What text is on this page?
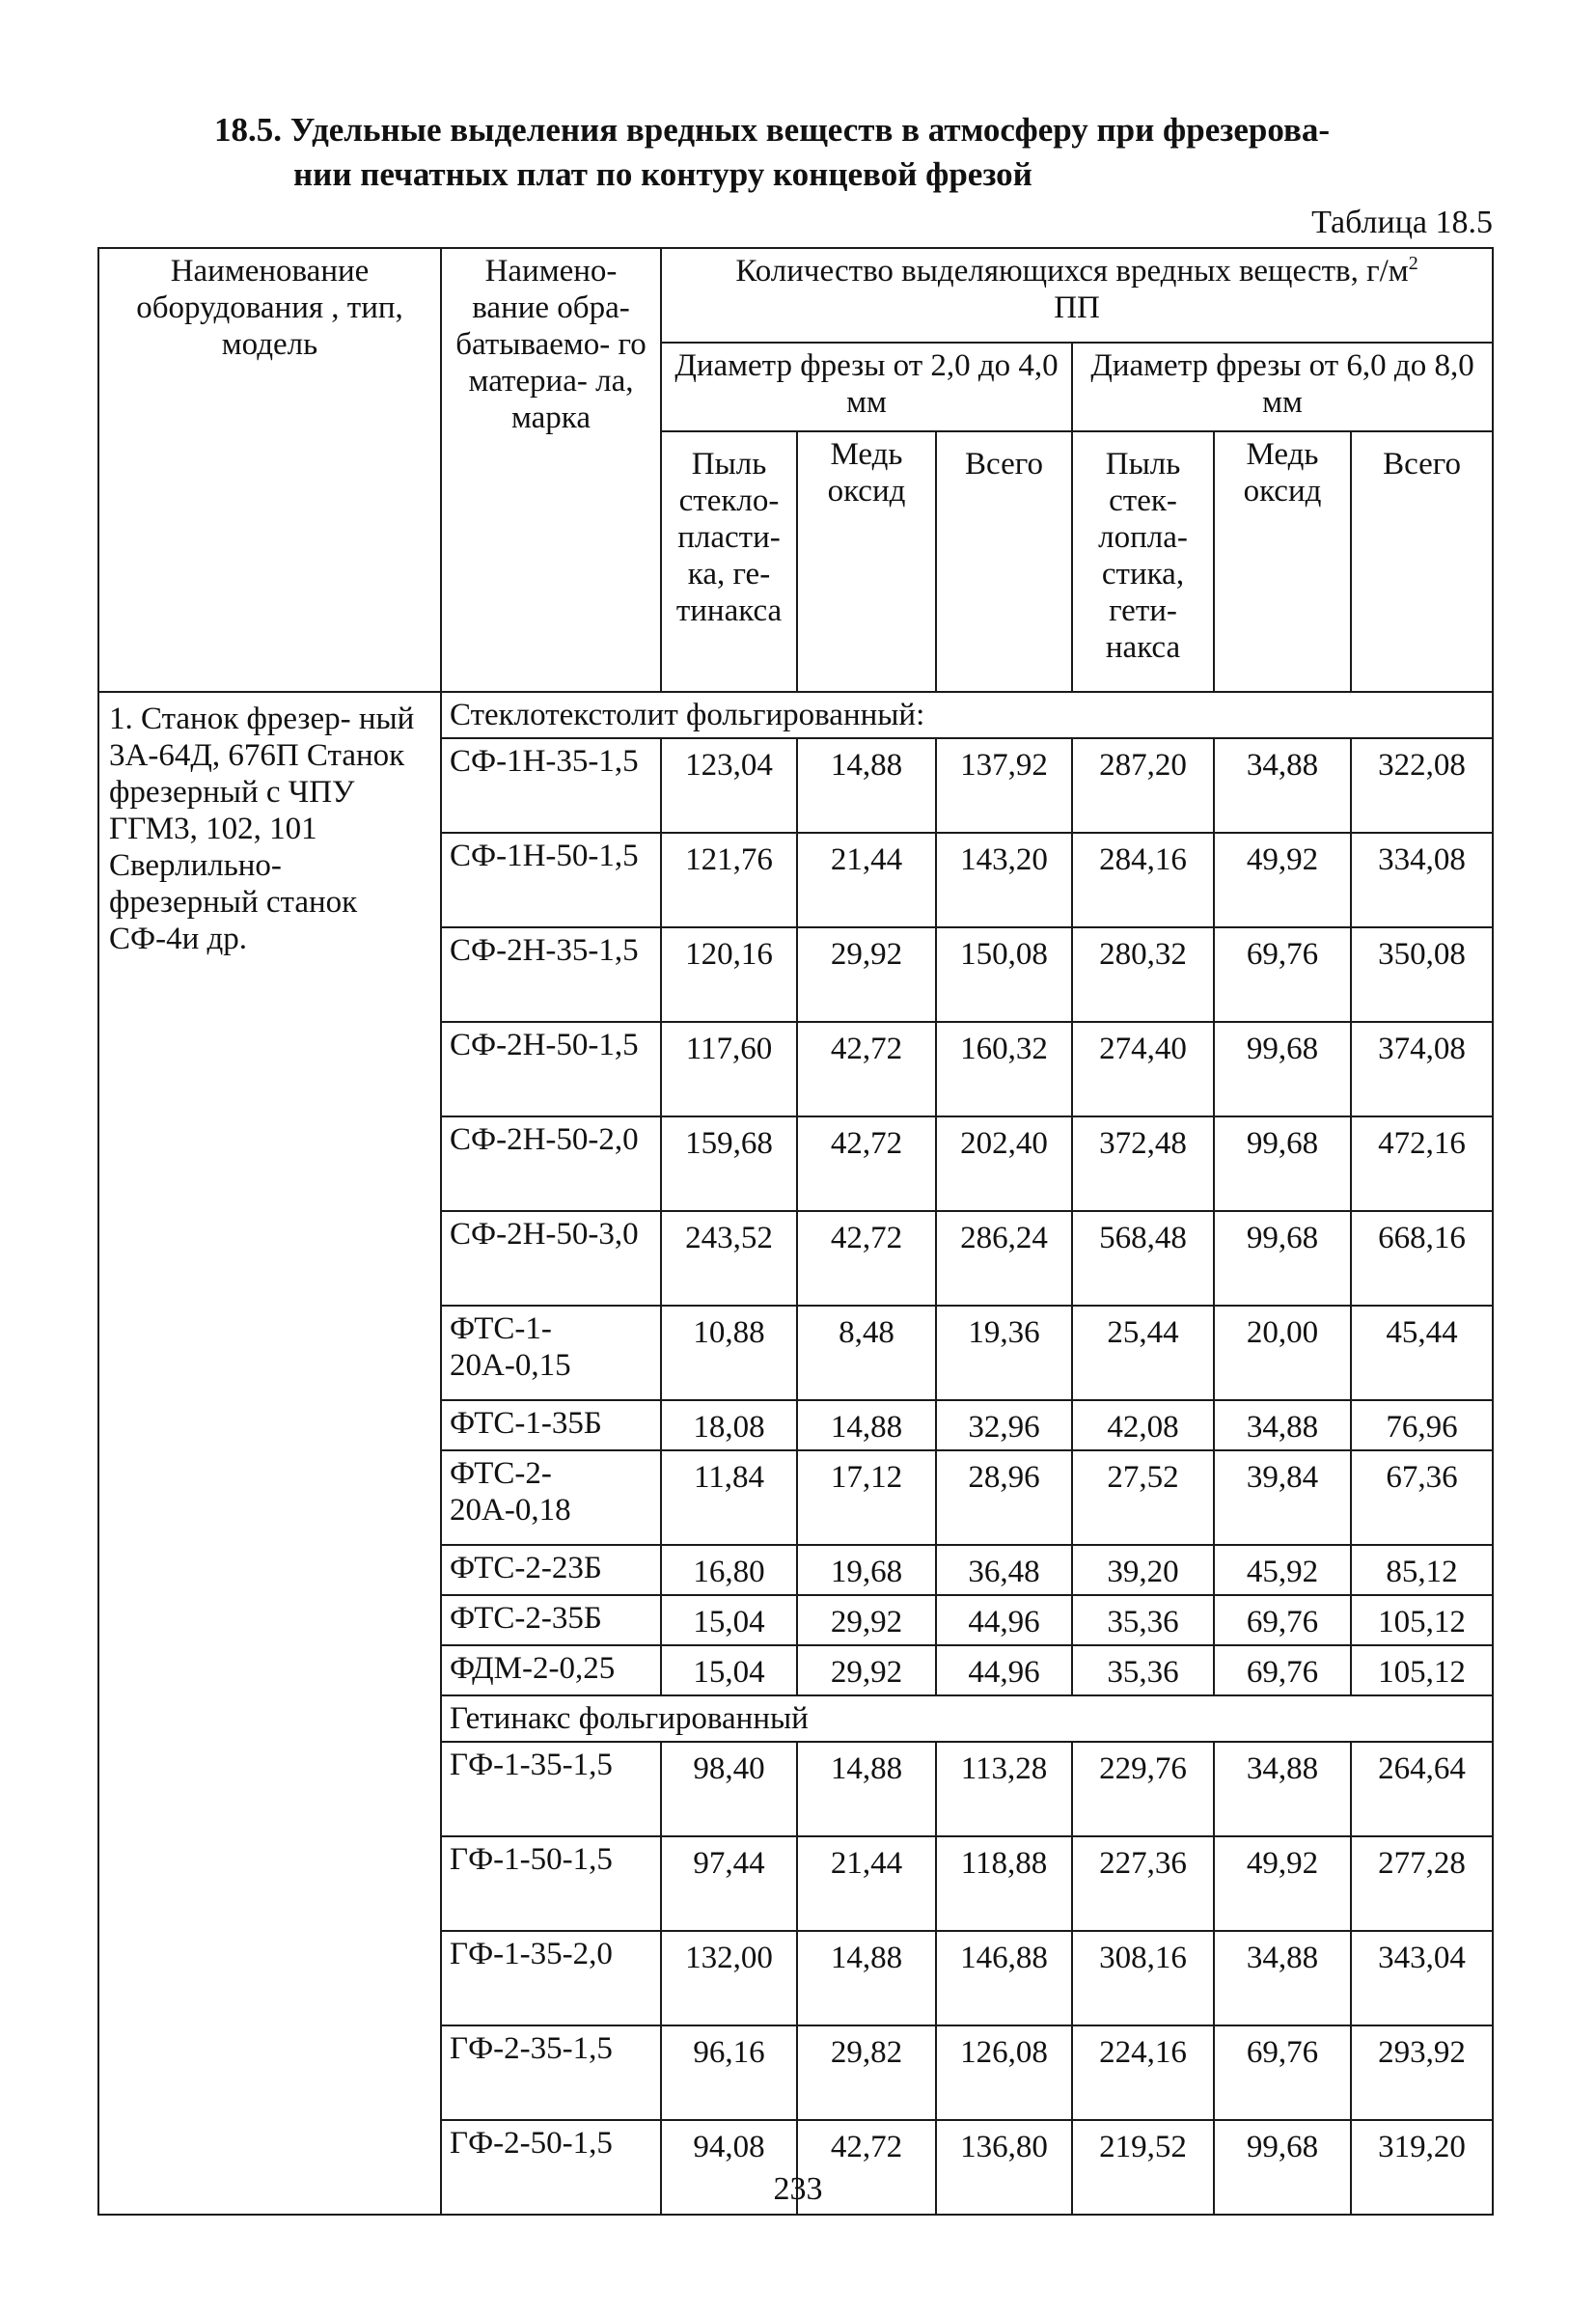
18.5. Удельные выделения вредных веществ в атмосферу при фрезерова-
нии печатных плат по контуру концевой фрезой
Таблица 18.5
Наименование оборудования , тип, модель	Наимено- вание обра- батываемо- го материа- ла, марка	Количество выделяющихся вредных веществ, $г/м^2$
ПП					
		Диаметр фрезы от 2,0 до 4,0 мм			Диаметр фрезы от 6,0 до 8,0 мм		
		Пыль стекло- пласти- ка, ге- тинакса	Медь оксид	Всего	Пыль стек- лопла- стика, гети- накса	Медь оксид	Всего
1. Станок фрезер- ный 3А-64Д, 676П Станок фрезерный с ЧПУ ГГМ3, 102, 101 Сверлильно- фрезерный станок СФ-4и др.	Стеклотекстолит фольгированный:						
	СФ-1Н-35-1,5	123,04	14,88	137,92	287,20	34,88	322,08
	СФ-1Н-50-1,5	121,76	21,44	143,20	284,16	49,92	334,08
	СФ-2Н-35-1,5	120,16	29,92	150,08	280,32	69,76	350,08
	СФ-2Н-50-1,5	117,60	42,72	160,32	274,40	99,68	374,08
	СФ-2Н-50-2,0	159,68	42,72	202,40	372,48	99,68	472,16
	СФ-2Н-50-3,0	243,52	42,72	286,24	568,48	99,68	668,16
	ФТС-1-20А-0,15	10,88	8,48	19,36	25,44	20,00	45,44
	ФТС-1-35Б	18,08	14,88	32,96	42,08	34,88	76,96
	ФТС-2-20А-0,18	11,84	17,12	28,96	27,52	39,84	67,36
	ФТС-2-23Б	16,80	19,68	36,48	39,20	45,92	85,12
	ФТС-2-35Б	15,04	29,92	44,96	35,36	69,76	105,12
	ФДМ-2-0,25	15,04	29,92	44,96	35,36	69,76	105,12
	Гетинакс фольгированный						
	ГФ-1-35-1,5	98,40	14,88	113,28	229,76	34,88	264,64
	ГФ-1-50-1,5	97,44	21,44	118,88	227,36	49,92	277,28
	ГФ-1-35-2,0	132,00	14,88	146,88	308,16	34,88	343,04
	ГФ-2-35-1,5	96,16	29,82	126,08	224,16	69,76	293,92
	ГФ-2-50-1,5	94,08	42,72	136,80	219,52	99,68	319,20
233
